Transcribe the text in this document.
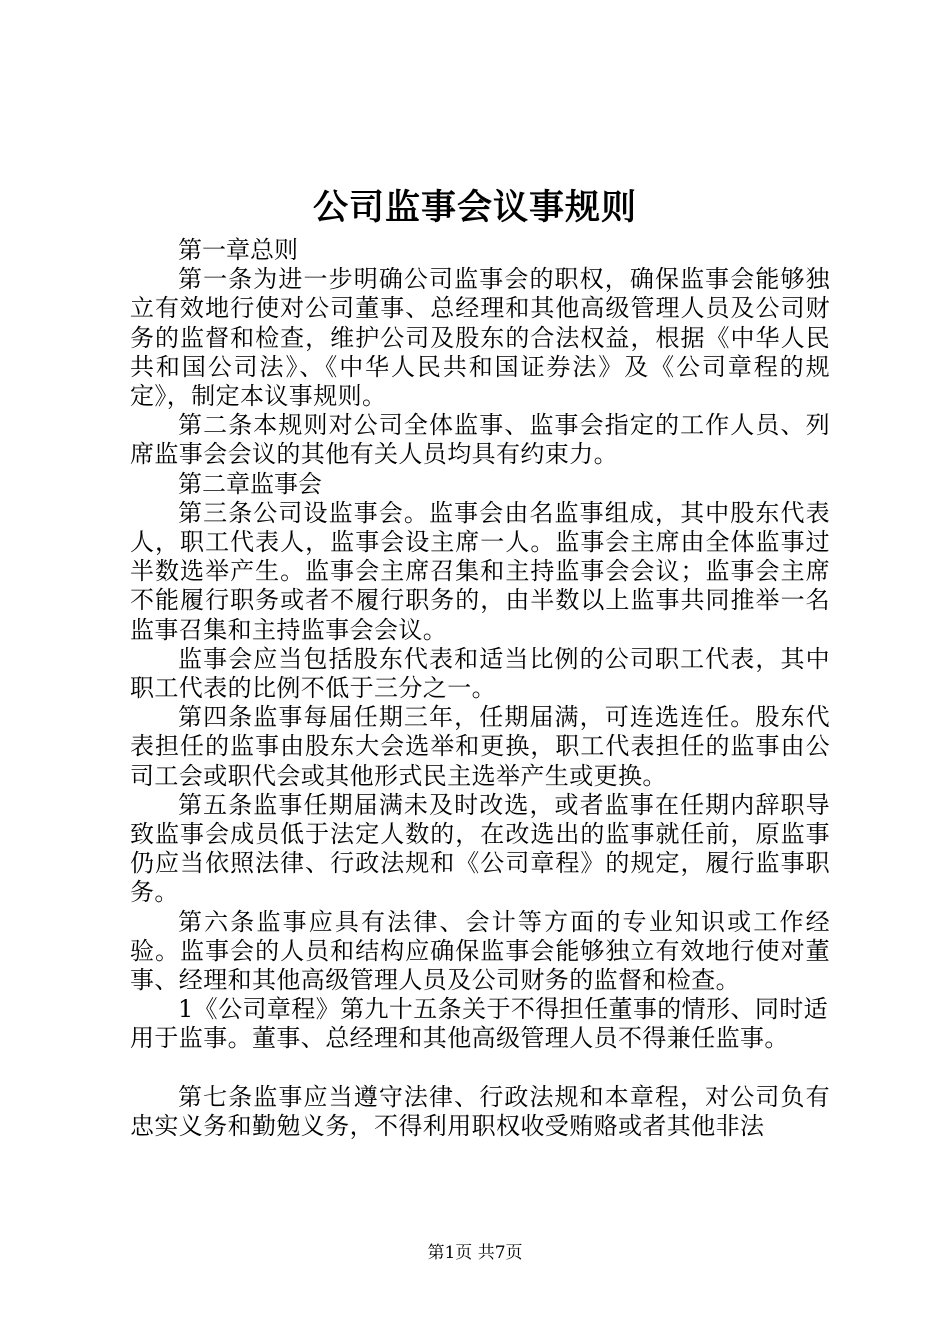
公司监事会议事规则

第一章总则

第一条为进一步明确公司监事会的职权，确保监事会能够独立有效地行使对公司董事、总经理和其他高级管理人员及公司财务的监督和检查，维护公司及股东的合法权益，根据《中华人民共和国公司法》、《中华人民共和国证券法》及《公司章程的规定》，制定本议事规则。

第二条本规则对公司全体监事、监事会指定的工作人员、列席监事会会议的其他有关人员均具有约束力。

第二章监事会

第三条公司设监事会。监事会由名监事组成，其中股东代表人，职工代表人，监事会设主席一人。监事会主席由全体监事过半数选举产生。监事会主席召集和主持监事会会议；监事会主席不能履行职务或者不履行职务的，由半数以上监事共同推举一名监事召集和主持监事会会议。

监事会应当包括股东代表和适当比例的公司职工代表，其中职工代表的比例不低于三分之一。

第四条监事每届任期三年，任期届满，可连选连任。股东代表担任的监事由股东大会选举和更换，职工代表担任的监事由公司工会或职代会或其他形式民主选举产生或更换。

第五条监事任期届满未及时改选，或者监事在任期内辞职导致监事会成员低于法定人数的，在改选出的监事就任前，原监事仍应当依照法律、行政法规和《公司章程》的规定，履行监事职务。

第六条监事应具有法律、会计等方面的专业知识或工作经验。监事会的人员和结构应确保监事会能够独立有效地行使对董事、经理和其他高级管理人员及公司财务的监督和检查。

1《公司章程》第九十五条关于不得担任董事的情形、同时适用于监事。董事、总经理和其他高级管理人员不得兼任监事。

第七条监事应当遵守法律、行政法规和本章程，对公司负有忠实义务和勤勉义务，不得利用职权收受贿赂或者其他非法

第1页 共7页
